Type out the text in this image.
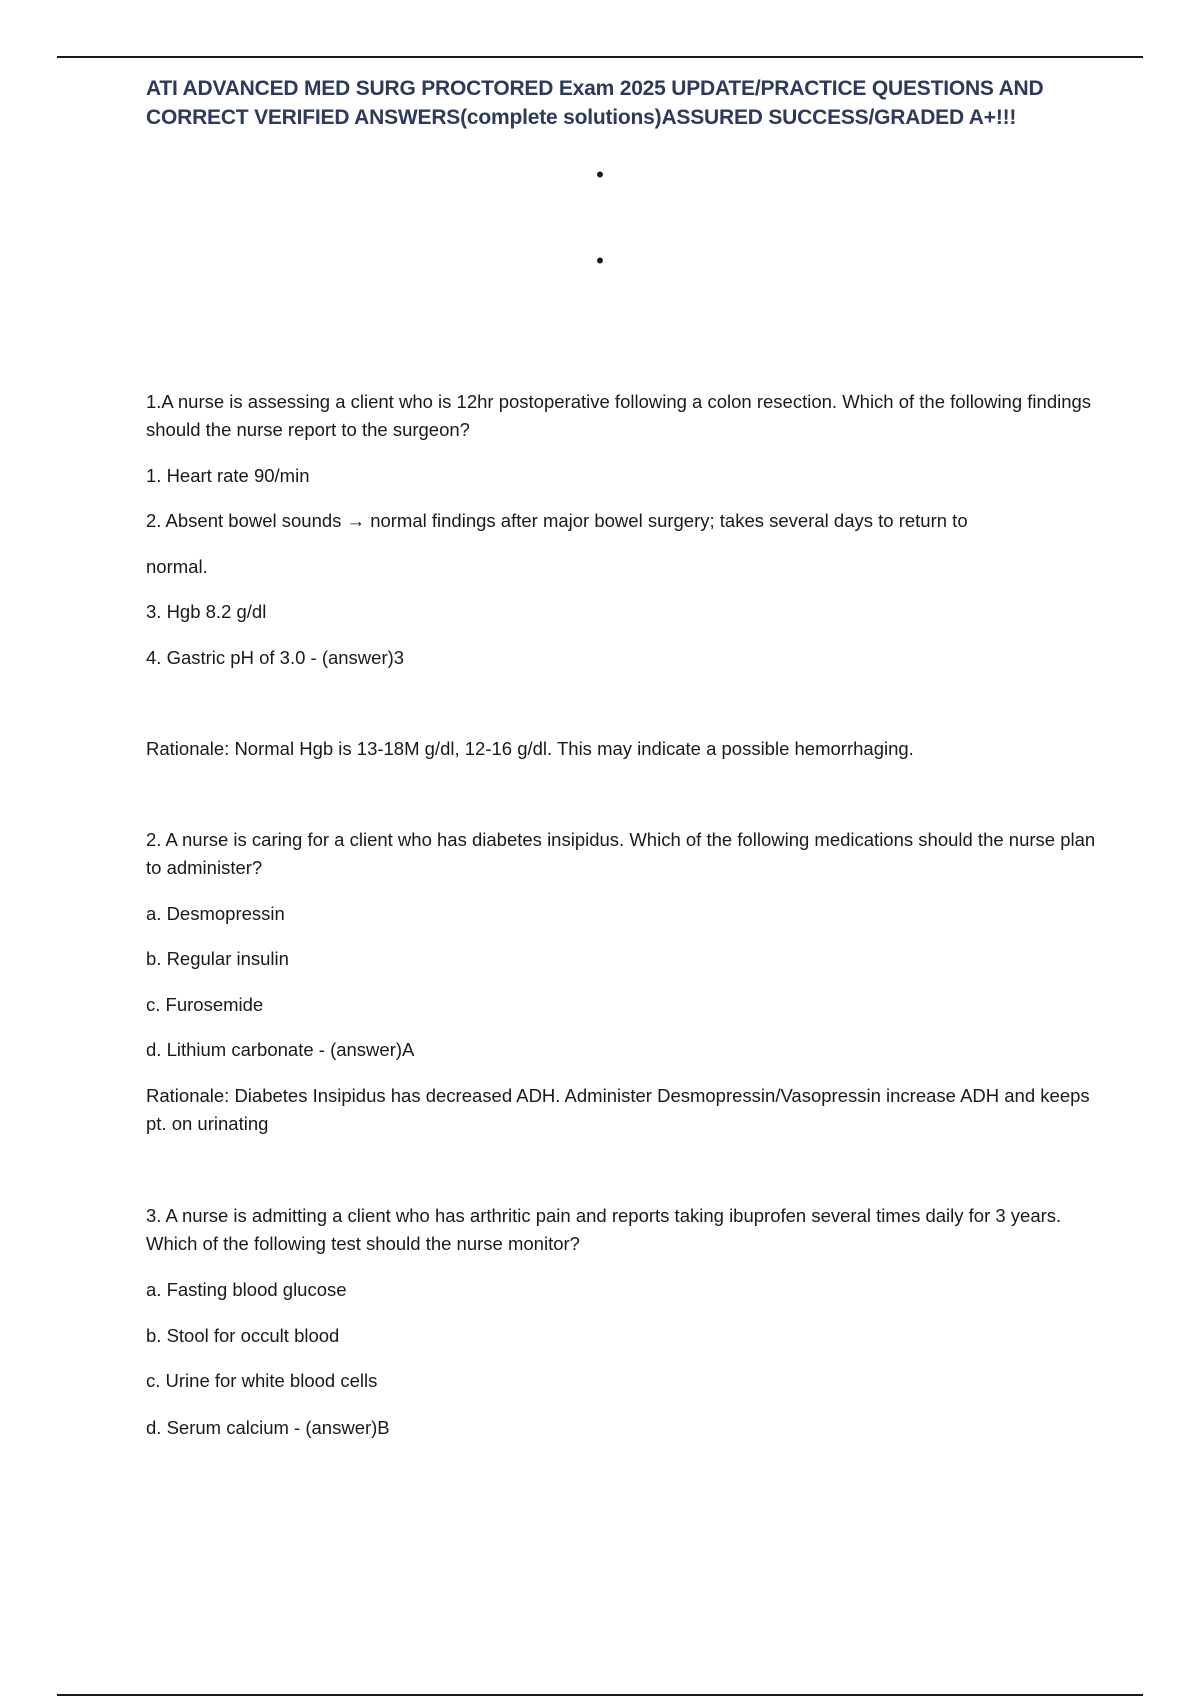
ATI ADVANCED MED SURG PROCTORED Exam 2025 UPDATE/PRACTICE QUESTIONS AND CORRECT VERIFIED ANSWERS(complete solutions)ASSURED SUCCESS/GRADED A+!!!
•
•

1.A nurse is assessing a client who is 12hr postoperative following a colon resection. Which of the following findings should the nurse report to the surgeon?

1. Heart rate 90/min
2. Absent bowel sounds → normal findings after major bowel surgery; takes several days to return to
normal.
3. Hgb 8.2 g/dl
4. Gastric pH of 3.0 - (answer)3
Rationale: Normal Hgb is 13-18M g/dl, 12-16 g/dl. This may indicate a possible hemorrhaging.

2. A nurse is caring for a client who has diabetes insipidus. Which of the following medications should the nurse plan to administer?

a. Desmopressin
b. Regular insulin
c. Furosemide
d. Lithium carbonate - (answer)A

Rationale: Diabetes Insipidus has decreased ADH. Administer Desmopressin/Vasopressin increase ADH and keeps pt. on urinating

3. A nurse is admitting a client who has arthritic pain and reports taking ibuprofen several times daily for 3 years. Which of the following test should the nurse monitor?

a. Fasting blood glucose
b. Stool for occult blood
c. Urine for white blood cells
d. Serum calcium - (answer)B
